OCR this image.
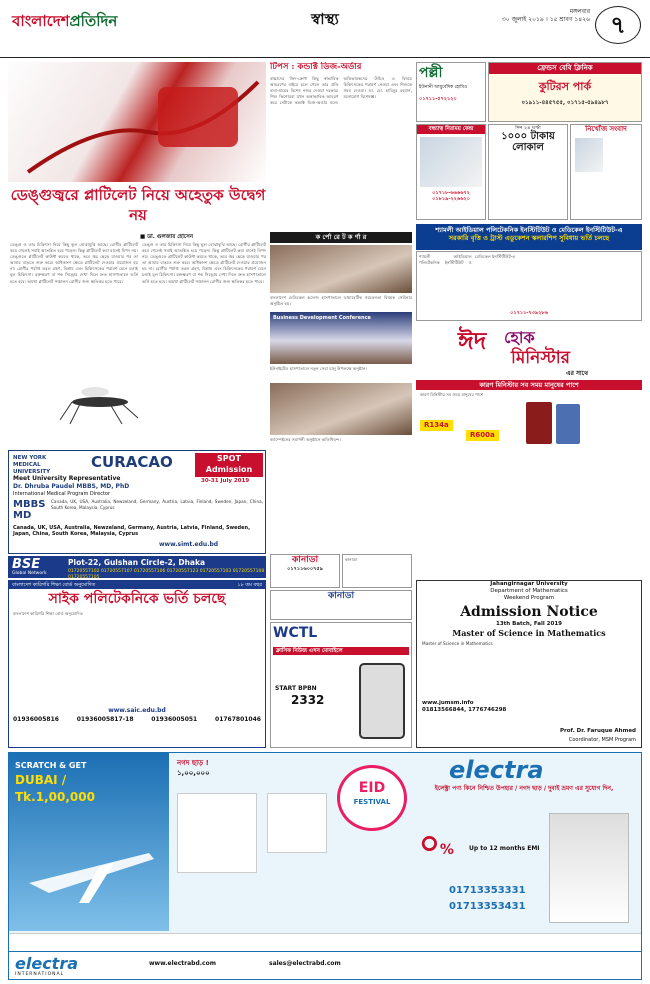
বাংলাদেশপ্রতিদিন	স্বাস্থ্য	মঙ্গলবার
৩০ জুলাই ২০১৯ । ১৫ শ্রাবণ ১৪২৬ ৭
টিপস : কন্ডাক্ট ডিজ-অর্ডার
বাচ্চাদের জিদ-ক্রোধ কিছু স্বাভাবিক আচরণের বাইরে চলে গেলে তার প্রতি বাবা-মায়ের বিশেষ নজর দেওয়া দরকার। শিশু কিশোররা যখন অস্বাভাবিক আচরণ করে সেটাকে কন্ডাক্ট ডিজ-অর্ডার বলে। অভিভাবকদের উচিত এ বিষয়ে চিকিৎসকের পরামর্শ নেওয়া এবং শিশুকে সময় দেওয়া। ডা. মো. হাবিবুর রহমান, মনোরোগ বিশেষজ্ঞ।
ডেঙ্গুজ্বরে প্লাটিলেট নিয়ে অহেতুক উদ্বেগ নয়
■ ডা. গুলজার হোসেন
ডেঙ্গু ও তার চিকিৎসা নিয়ে কিছু ভুল বোঝাবুঝি আছে। রোগীর প্লাটিলেট কমে গেলেই সবাই আতঙ্কিত হয়ে পড়েন। কিন্তু প্লাটিলেট কমা মানেই বিপদ নয়। ডেঙ্গুতে প্লাটিলেট কাউন্ট কমতে থাকে, তবে জ্বর ছেড়ে যাওয়ার পর তা আবার বাড়তে শুরু করে। অধিকাংশ ক্ষেত্রে প্লাটিলেট দেওয়ার প্রয়োজন হয় না। রোগীর পর্যাপ্ত তরল গ্রহণ, বিশ্রাম এবং চিকিৎসকের পরামর্শ মেনে চলাই মূল চিকিৎসা। রক্তক্ষরণ বা শক সিন্ড্রোম দেখা দিলে দ্রুত হাসপাতালে ভর্তি হতে হবে। অযথা প্লাটিলেট সঞ্চালন রোগীর জন্য ক্ষতিকর হতে পারে।
ডেঙ্গু ও তার চিকিৎসা নিয়ে কিছু ভুল বোঝাবুঝি আছে। রোগীর প্লাটিলেট কমে গেলেই সবাই আতঙ্কিত হয়ে পড়েন। কিন্তু প্লাটিলেট কমা মানেই বিপদ নয়। ডেঙ্গুতে প্লাটিলেট কাউন্ট কমতে থাকে, তবে জ্বর ছেড়ে যাওয়ার পর তা আবার বাড়তে শুরু করে। অধিকাংশ ক্ষেত্রে প্লাটিলেট দেওয়ার প্রয়োজন হয় না। রোগীর পর্যাপ্ত তরল গ্রহণ, বিশ্রাম এবং চিকিৎসকের পরামর্শ মেনে চলাই মূল চিকিৎসা। রক্তক্ষরণ বা শক সিন্ড্রোম দেখা দিলে দ্রুত হাসপাতালে ভর্তি হতে হবে। অযথা প্লাটিলেট সঞ্চালন রোগীর জন্য ক্ষতিকর হতে পারে।
ক র্পো রে ট ক র্ণা র
বাংলাদেশ মেডিকেল কলেজ হাসপাতালে ডায়াবেটিক সচেতনতা বিষয়ক সেমিনার অনুষ্ঠিত হয়।
Business Development Conference
ইউনাইটেড হাসপাতালে নতুন সেবা চালু উপলক্ষে অনুষ্ঠান।
ক্যাম্পেইনের সমাপনী অনুষ্ঠানে অতিথিবৃন্দ।
পল্লী
ইউনানী আয়ুর্বেদিক হোমিও
০১৭১১-৫৭২১২০
ফ্রেন্ডস বেবি ক্লিনিক
কুটিরস পার্ক
০১৯১১-৪৪৫৭৫৫, ০১৭১৫-৫৯৪৯৮৭
বন্ধ্যাত্ব নিরাময় কেন্দ্র
০১৭১৮-৬৬৬৬৭২
০১৮১৯-২২৬৬২০
দিন ২৪ ঘণ্টা
১০০০ টাকায় লোকাল
নিখোঁজ সংবাদ
শ্যামলী আইডিয়াল পলিটেকনিক ইনস্টিটিউট ও মেডিকেল ইনস্টিটিউট-এ
সরকারি বৃত্তি ও ট্রাস্ট এডুকেশন স্কলারশিপ সুবিধায় ভর্তি চলছে
শ্যামলী আইডিয়াল পলিটেকনিক ইনস্টিটিউট ও মেডিকেল ইনস্টিটিউট-এ
০১৭১১-৭৩৯২৮৬
ঈদ হোক
মিনিস্টার
এর সাথে
কারণ মিনিস্টার সব সময় মানুষের পাশে
কারণ মিনিস্টার সব সময় মানুষের পাশে
R134a
R600a
NEW YORK MEDICAL UNIVERSITY
CURACAO	SPOT Admission
30-31 July 2019
Meet University Representative
Dr. Dhruba Paudel MBBS, MD, PhD
International Medical Program Director
MBBS MD
Canada, UK, USA, Australia, Newzeland, Germany, Austria, Latvia, Finland, Sweden, Japan, China, South Korea, Malaysia, Cyprus
Canada, UK, USA, Australia, Newzeland, Germany, Austria, Latvia, Finland, Sweden, Japan, China, South Korea, Malaysia, Cyprus
www.simt.edu.bd
BSE
Global Network
Plot-22, Gulshan Circle-2, Dhaka
01720557102 01720557107 01720557106 01720557123 01720557103 01720557108 01720557105
বাংলাদেশ কারিগরি শিক্ষা বোর্ড অনুমোদিত	১৮ তম বছর
সাইক পলিটেকনিকে ভর্তি চলছে
বাংলাদেশ কারিগরি শিক্ষা বোর্ড অনুমোদিত
www.saic.edu.bd
01936005816	01936005817-18	01936005051	01767801046
কানাডা
০১৭১১৬০০৭৫৯
কানাডা
কানাডা
WCTL
ক্লাসিক নিউজ এখন মোবাইলে
START BPBN
2332
Jahangirnagar University
Department of Mathematics
Weekend Program
Admission Notice
13th Batch, Fall 2019
Master of Science in Mathematics
Master of Science in Mathematics
www.jumsm.info
01813566844, 1776746298
Prof. Dr. Faruque Ahmed
Coordinator, MSM Program
SCRATCH & GET
DUBAI /
Tk.1,00,000
নগদ ছাড় !
১,০০,০০০	electra
ইলেক্ট্রা পণ্য কিনে নিশ্চিত উপহার / নগদ ছাড় / দুবাই ভ্রমণ এর সুযোগ দিন,
EID
FESTIVAL
০%	Up to 12 months EMI
01713353331
01713353431
electra
INTERNATIONAL
www.electrabd.com	sales@electrabd.com
